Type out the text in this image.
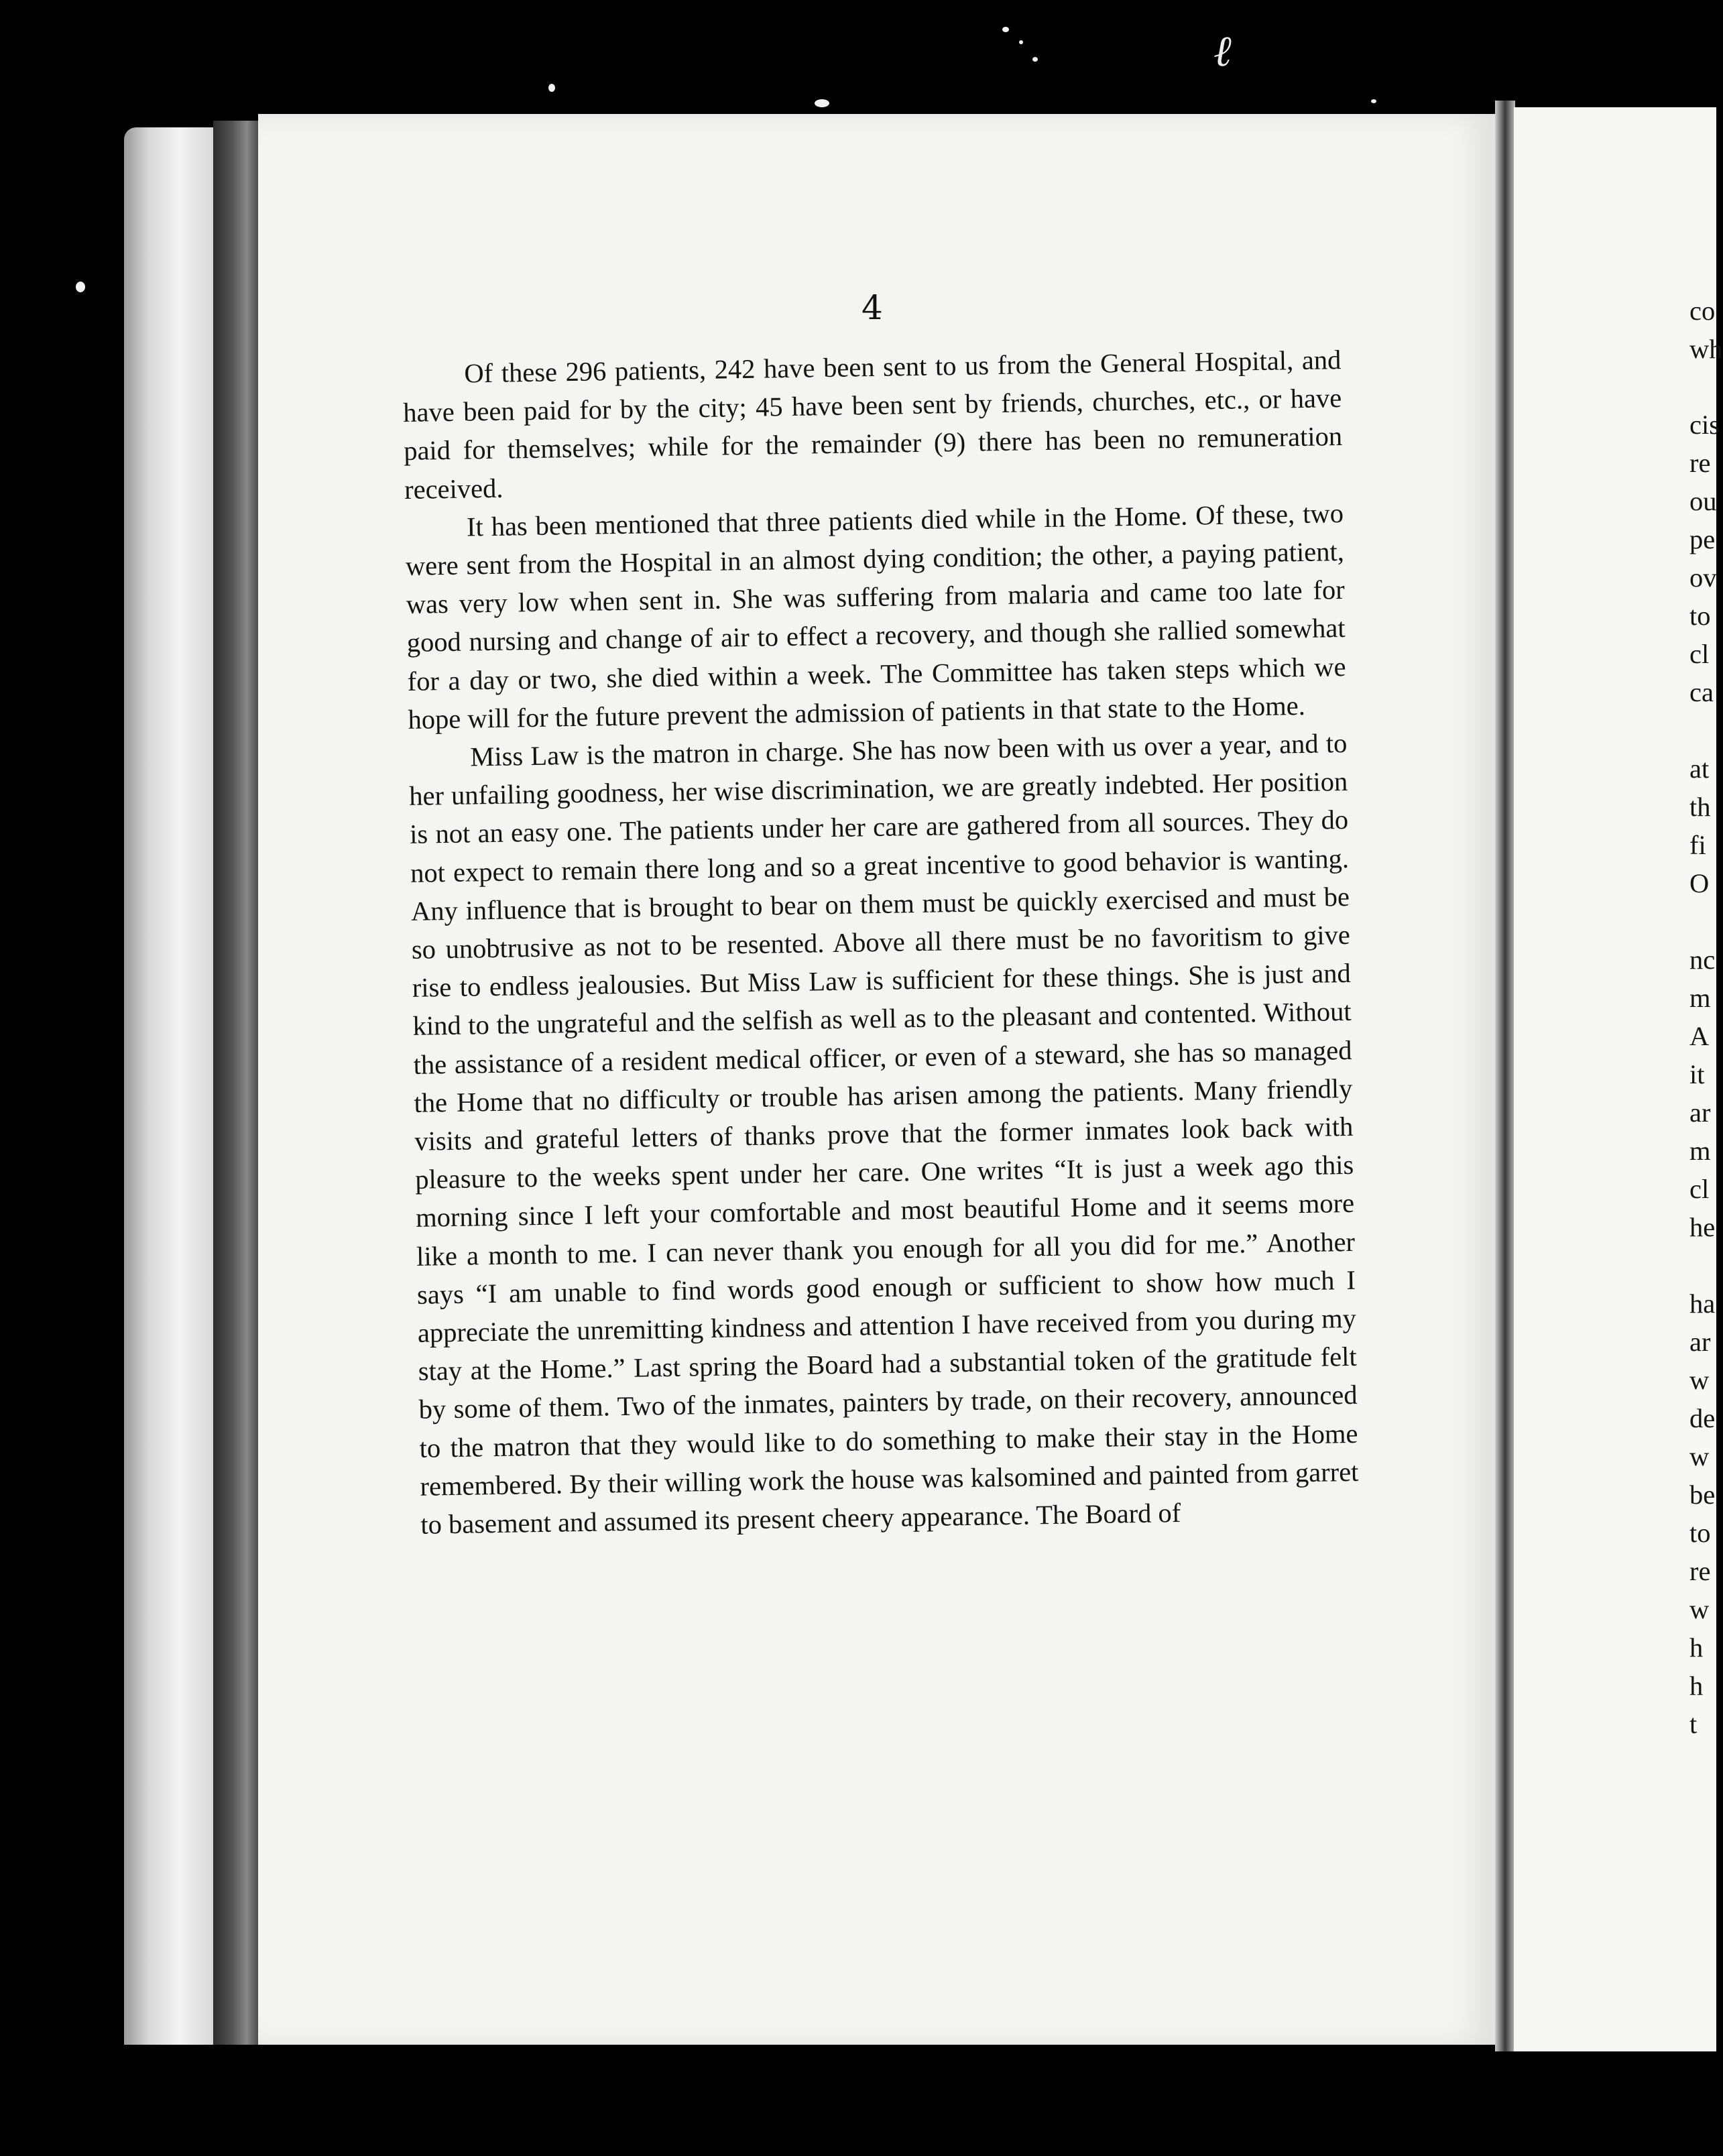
ℓ
4

Of these 296 patients, 242 have been sent to us from the General Hospital, and have been paid for by the city; 45 have been sent by friends, churches, etc., or have paid for themselves; while for the remainder (9) there has been no remuneration received.

It has been mentioned that three patients died while in the Home. Of these, two were sent from the Hospital in an almost dying condition; the other, a paying patient, was very low when sent in. She was suffering from malaria and came too late for good nursing and change of air to effect a recovery, and though she rallied somewhat for a day or two, she died within a week. The Committee has taken steps which we hope will for the future prevent the admission of patients in that state to the Home.

Miss Law is the matron in charge. She has now been with us over a year, and to her unfailing goodness, her wise discrimination, we are greatly indebted. Her position is not an easy one. The patients under her care are gathered from all sources. They do not expect to remain there long and so a great incentive to good behavior is wanting. Any influence that is brought to bear on them must be quickly exercised and must be so unobtrusive as not to be resented. Above all there must be no favoritism to give rise to endless jealousies. But Miss Law is sufficient for these things. She is just and kind to the ungrateful and the selfish as well as to the pleasant and contented. Without the assistance of a resident medical officer, or even of a steward, she has so managed the Home that no difficulty or trouble has arisen among the patients. Many friendly visits and grateful letters of thanks prove that the former inmates look back with pleasure to the weeks spent under her care. One writes “It is just a week ago this morning since I left your comfortable and most beautiful Home and it seems more like a month to me. I can never thank you enough for all you did for me.” Another says “I am unable to find words good enough or sufficient to show how much I appreciate the unremitting kindness and attention I have received from you during my stay at the Home.” Last spring the Board had a substantial token of the gratitude felt by some of them. Two of the inmates, painters by trade, on their recovery, announced to the matron that they would like to do something to make their stay in the Home remembered. By their willing work the house was kalsomined and painted from garret to basement and assumed its present cheery appearance. The Board of

co
wh
cis
re
ou
pe
ov
to
cl
ca
at
th
fi
O
nc
m
A
it
ar
m
cl
he
ha
ar
w
de
w
be
to
re
w
h
h
t
